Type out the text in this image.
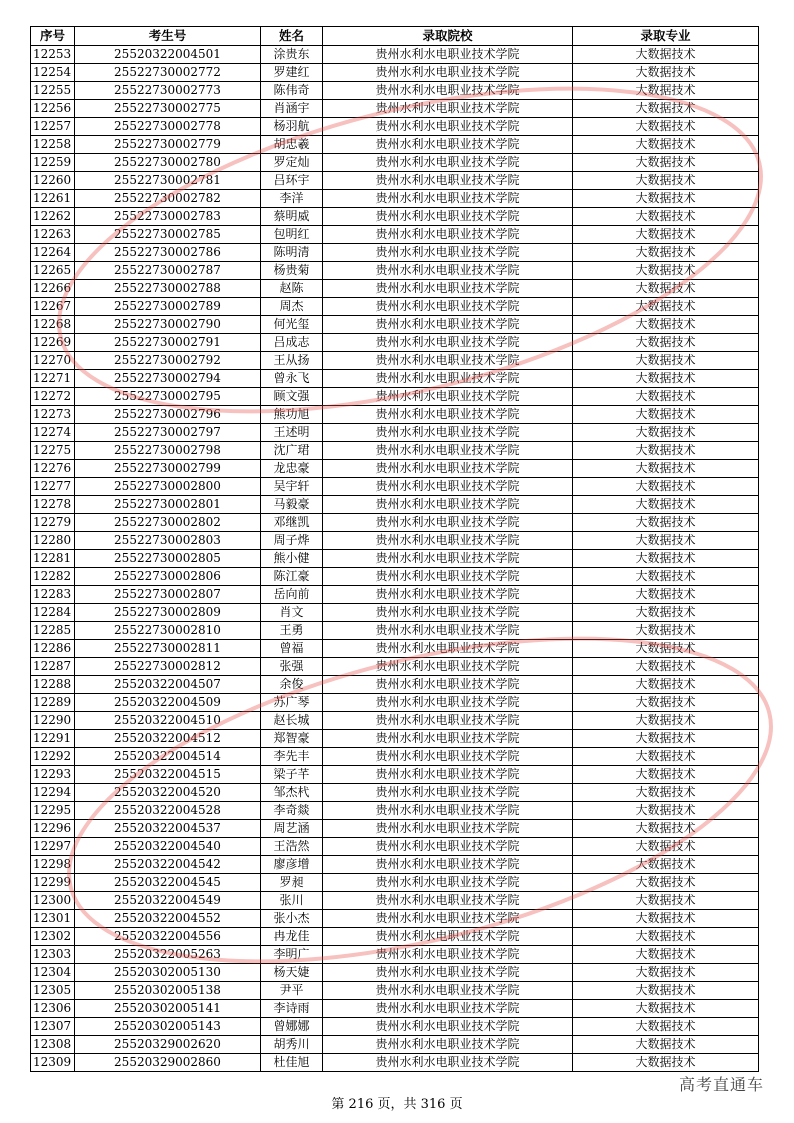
序号	考生号	姓名	录取院校	录取专业
12253	25520322004501	涂贵东	贵州水利水电职业技术学院	大数据技术
12254	25522730002772	罗建红	贵州水利水电职业技术学院	大数据技术
12255	25522730002773	陈伟奇	贵州水利水电职业技术学院	大数据技术
12256	25522730002775	肖涵宇	贵州水利水电职业技术学院	大数据技术
12257	25522730002778	杨羽航	贵州水利水电职业技术学院	大数据技术
12258	25522730002779	胡忠羲	贵州水利水电职业技术学院	大数据技术
12259	25522730002780	罗定灿	贵州水利水电职业技术学院	大数据技术
12260	25522730002781	吕环宇	贵州水利水电职业技术学院	大数据技术
12261	25522730002782	李洋	贵州水利水电职业技术学院	大数据技术
12262	25522730002783	蔡明威	贵州水利水电职业技术学院	大数据技术
12263	25522730002785	包明红	贵州水利水电职业技术学院	大数据技术
12264	25522730002786	陈明清	贵州水利水电职业技术学院	大数据技术
12265	25522730002787	杨贵菊	贵州水利水电职业技术学院	大数据技术
12266	25522730002788	赵陈	贵州水利水电职业技术学院	大数据技术
12267	25522730002789	周杰	贵州水利水电职业技术学院	大数据技术
12268	25522730002790	何光玺	贵州水利水电职业技术学院	大数据技术
12269	25522730002791	吕成志	贵州水利水电职业技术学院	大数据技术
12270	25522730002792	王从扬	贵州水利水电职业技术学院	大数据技术
12271	25522730002794	曾永飞	贵州水利水电职业技术学院	大数据技术
12272	25522730002795	顾文强	贵州水利水电职业技术学院	大数据技术
12273	25522730002796	熊功旭	贵州水利水电职业技术学院	大数据技术
12274	25522730002797	王述明	贵州水利水电职业技术学院	大数据技术
12275	25522730002798	沈广珺	贵州水利水电职业技术学院	大数据技术
12276	25522730002799	龙忠豪	贵州水利水电职业技术学院	大数据技术
12277	25522730002800	吴宇轩	贵州水利水电职业技术学院	大数据技术
12278	25522730002801	马毅豪	贵州水利水电职业技术学院	大数据技术
12279	25522730002802	邓继凯	贵州水利水电职业技术学院	大数据技术
12280	25522730002803	周子烨	贵州水利水电职业技术学院	大数据技术
12281	25522730002805	熊小健	贵州水利水电职业技术学院	大数据技术
12282	25522730002806	陈江豪	贵州水利水电职业技术学院	大数据技术
12283	25522730002807	岳向前	贵州水利水电职业技术学院	大数据技术
12284	25522730002809	肖文	贵州水利水电职业技术学院	大数据技术
12285	25522730002810	王勇	贵州水利水电职业技术学院	大数据技术
12286	25522730002811	曾福	贵州水利水电职业技术学院	大数据技术
12287	25522730002812	张强	贵州水利水电职业技术学院	大数据技术
12288	25520322004507	余俊	贵州水利水电职业技术学院	大数据技术
12289	25520322004509	苏广琴	贵州水利水电职业技术学院	大数据技术
12290	25520322004510	赵长城	贵州水利水电职业技术学院	大数据技术
12291	25520322004512	郑智豪	贵州水利水电职业技术学院	大数据技术
12292	25520322004514	李先丰	贵州水利水电职业技术学院	大数据技术
12293	25520322004515	梁子芊	贵州水利水电职业技术学院	大数据技术
12294	25520322004520	邹杰杙	贵州水利水电职业技术学院	大数据技术
12295	25520322004528	李奇燚	贵州水利水电职业技术学院	大数据技术
12296	25520322004537	周艺涵	贵州水利水电职业技术学院	大数据技术
12297	25520322004540	王浩然	贵州水利水电职业技术学院	大数据技术
12298	25520322004542	廖彦增	贵州水利水电职业技术学院	大数据技术
12299	25520322004545	罗昶	贵州水利水电职业技术学院	大数据技术
12300	25520322004549	张川	贵州水利水电职业技术学院	大数据技术
12301	25520322004552	张小杰	贵州水利水电职业技术学院	大数据技术
12302	25520322004556	冉龙佳	贵州水利水电职业技术学院	大数据技术
12303	25520322005263	李明广	贵州水利水电职业技术学院	大数据技术
12304	25520302005130	杨天婕	贵州水利水电职业技术学院	大数据技术
12305	25520302005138	尹平	贵州水利水电职业技术学院	大数据技术
12306	25520302005141	李诗雨	贵州水利水电职业技术学院	大数据技术
12307	25520302005143	曾娜娜	贵州水利水电职业技术学院	大数据技术
12308	25520329002620	胡秀川	贵州水利水电职业技术学院	大数据技术
12309	25520329002860	杜佳旭	贵州水利水电职业技术学院	大数据技术
高考直通车
第 216 页，共 316 页
